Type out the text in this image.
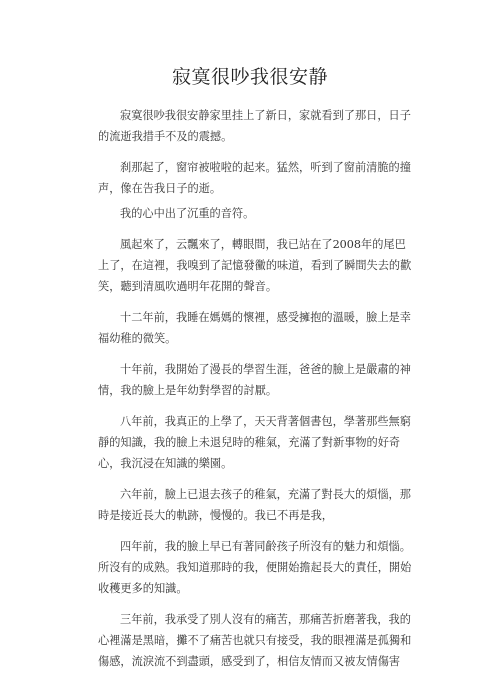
寂寞很吵我很安静

寂寞很吵我很安静家里挂上了新日，家就看到了那日，日子的流逝我措手不及的震撼。

刹那起了，窗帘被啦啦的起来。猛然，听到了窗前清脆的撞声，像在告我日子的逝。

我的心中出了沉重的音符。

風起來了，云飄來了，轉眼間，我已站在了2008年的尾巴上了，在這裡，我嗅到了記憶發黴的味道，看到了瞬間失去的歡笑，聽到清風吹過明年花開的聲音。

十二年前，我睡在媽媽的懷裡，感受擁抱的溫暖，臉上是幸福幼稚的微笑。

十年前，我開始了漫長的學習生涯，爸爸的臉上是嚴肅的神情，我的臉上是年幼對學習的討厭。

八年前，我真正的上學了，天天背著個書包，學著那些無窮靜的知識，我的臉上未退兒時的稚氣，充滿了對新事物的好奇心，我沉浸在知識的樂園。

六年前，臉上已退去孩子的稚氣，充滿了對長大的煩惱，那時是接近長大的軌跡，慢慢的。我已不再是我，

四年前，我的臉上早已有著同齡孩子所沒有的魅力和煩惱。所沒有的成熟。我知道那時的我，便開始擔起長大的責任，開始收穫更多的知識。

三年前，我承受了別人沒有的痛苦，那痛苦折磨著我，我的心裡滿是黑暗，攤不了痛苦也就只有接受，我的眼裡滿是孤獨和傷感，流淚流不到盡頭，感受到了，相信友情而又被友情傷害
